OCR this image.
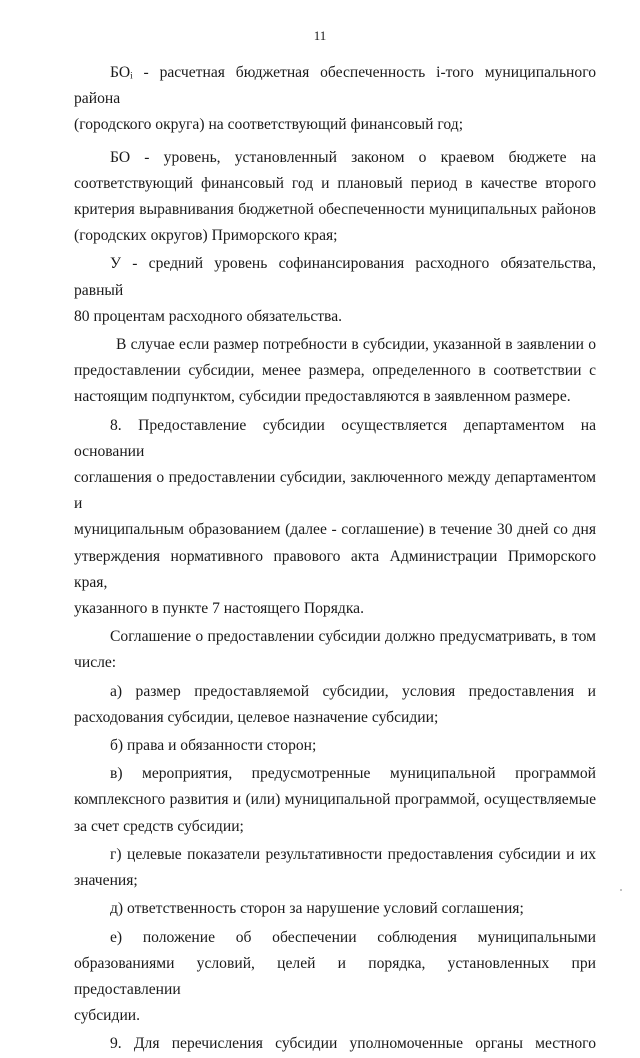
11

БОᵢ - расчетная бюджетная обеспеченность i-того муниципального района
(городского округа) на соответствующий финансовый год;

БО - уровень, установленный законом о краевом бюджете на
соответствующий финансовый год и плановый период в качестве второго
критерия выравнивания бюджетной обеспеченности муниципальных районов
(городских округов) Приморского края;

У - средний уровень софинансирования расходного обязательства, равный
80 процентам расходного обязательства.

В случае если размер потребности в субсидии, указанной в заявлении о
предоставлении субсидии, менее размера, определенного в соответствии с
настоящим подпунктом, субсидии предоставляются в заявленном размере.

8. Предоставление субсидии осуществляется департаментом на основании
соглашения о предоставлении субсидии, заключенного между департаментом и
муниципальным образованием (далее - соглашение) в течение 30 дней со дня
утверждения нормативного правового акта Администрации Приморского края,
указанного в пункте 7 настоящего Порядка.

Соглашение о предоставлении субсидии должно предусматривать, в том
числе:

а) размер предоставляемой субсидии, условия предоставления и
расходования субсидии, целевое назначение субсидии;

б) права и обязанности сторон;

в) мероприятия, предусмотренные муниципальной программой
комплексного развития и (или) муниципальной программой, осуществляемые
за счет средств субсидии;

г) целевые показатели результативности предоставления субсидии и их
значения;

д) ответственность сторон за нарушение условий соглашения;

е) положение об обеспечении соблюдения муниципальными
образованиями условий, целей и порядка, установленных при предоставлении
субсидии.

9. Для перечисления субсидии уполномоченные органы местного
